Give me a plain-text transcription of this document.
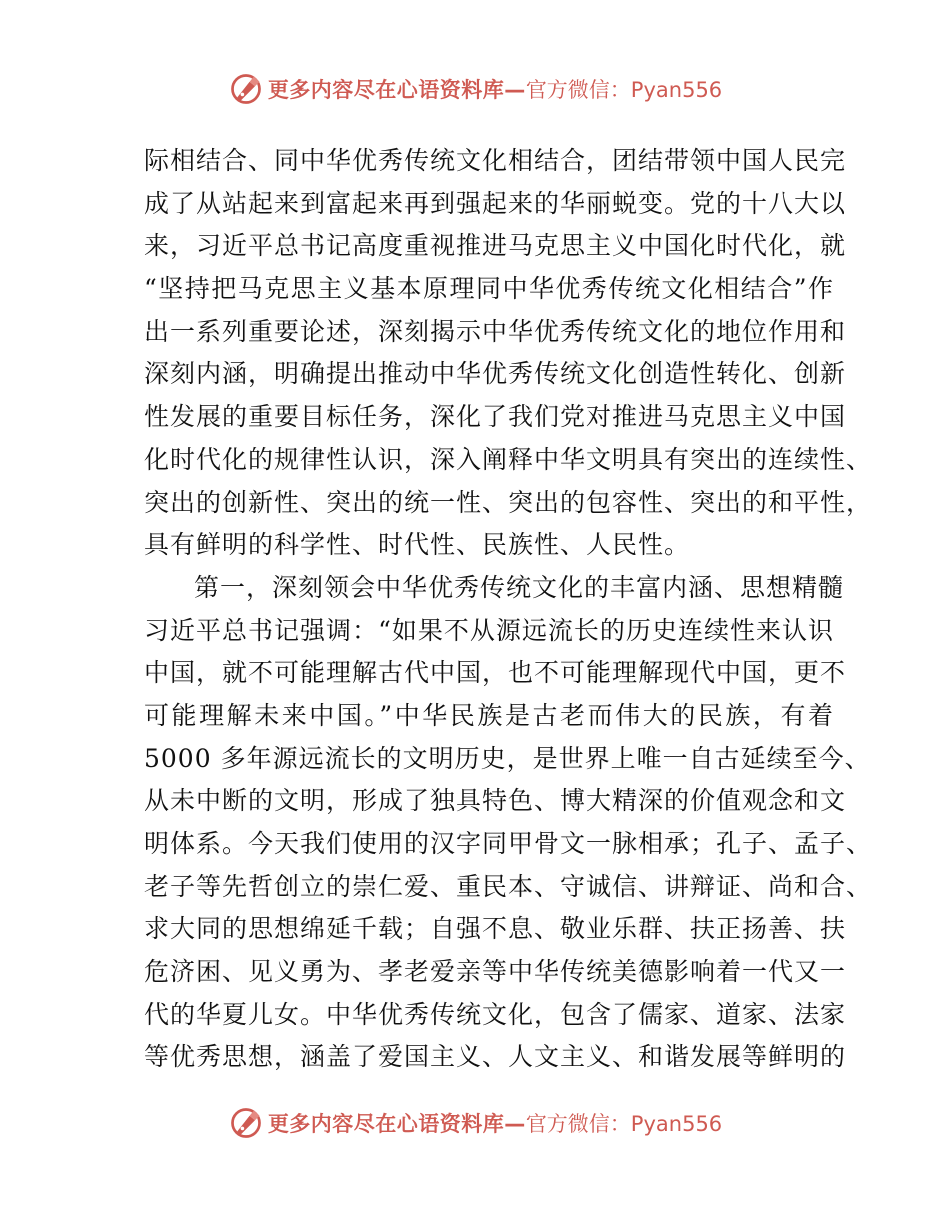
更多内容尽在心语资料库— 官方微信：Pyan556
际相结合、同中华优秀传统文化相结合，团结带领中国人民完
成了从站起来到富起来再到强起来的华丽蜕变。党的十八大以
来，习近平总书记高度重视推进马克思主义中国化时代化，就
“坚持把马克思主义基本原理同中华优秀传统文化相结合”作
出一系列重要论述，深刻揭示中华优秀传统文化的地位作用和
深刻内涵，明确提出推动中华优秀传统文化创造性转化、创新
性发展的重要目标任务，深化了我们党对推进马克思主义中国
化时代化的规律性认识，深入阐释中华文明具有突出的连续性、
突出的创新性、突出的统一性、突出的包容性、突出的和平性，
具有鲜明的科学性、时代性、民族性、人民性。
第一，深刻领会中华优秀传统文化的丰富内涵、思想精髓
习近平总书记强调：“如果不从源远流长的历史连续性来认识
中国，就不可能理解古代中国，也不可能理解现代中国，更不
可能理解未来中国。”中华民族是古老而伟大的民族，有着
5000 多年源远流长的文明历史，是世界上唯一自古延续至今、
从未中断的文明，形成了独具特色、博大精深的价值观念和文
明体系。今天我们使用的汉字同甲骨文一脉相承；孔子、孟子、
老子等先哲创立的崇仁爱、重民本、守诚信、讲辩证、尚和合、
求大同的思想绵延千载；自强不息、敬业乐群、扶正扬善、扶
危济困、见义勇为、孝老爱亲等中华传统美德影响着一代又一
代的华夏儿女。中华优秀传统文化，包含了儒家、道家、法家
等优秀思想，涵盖了爱国主义、人文主义、和谐发展等鲜明的
更多内容尽在心语资料库— 官方微信：Pyan556
